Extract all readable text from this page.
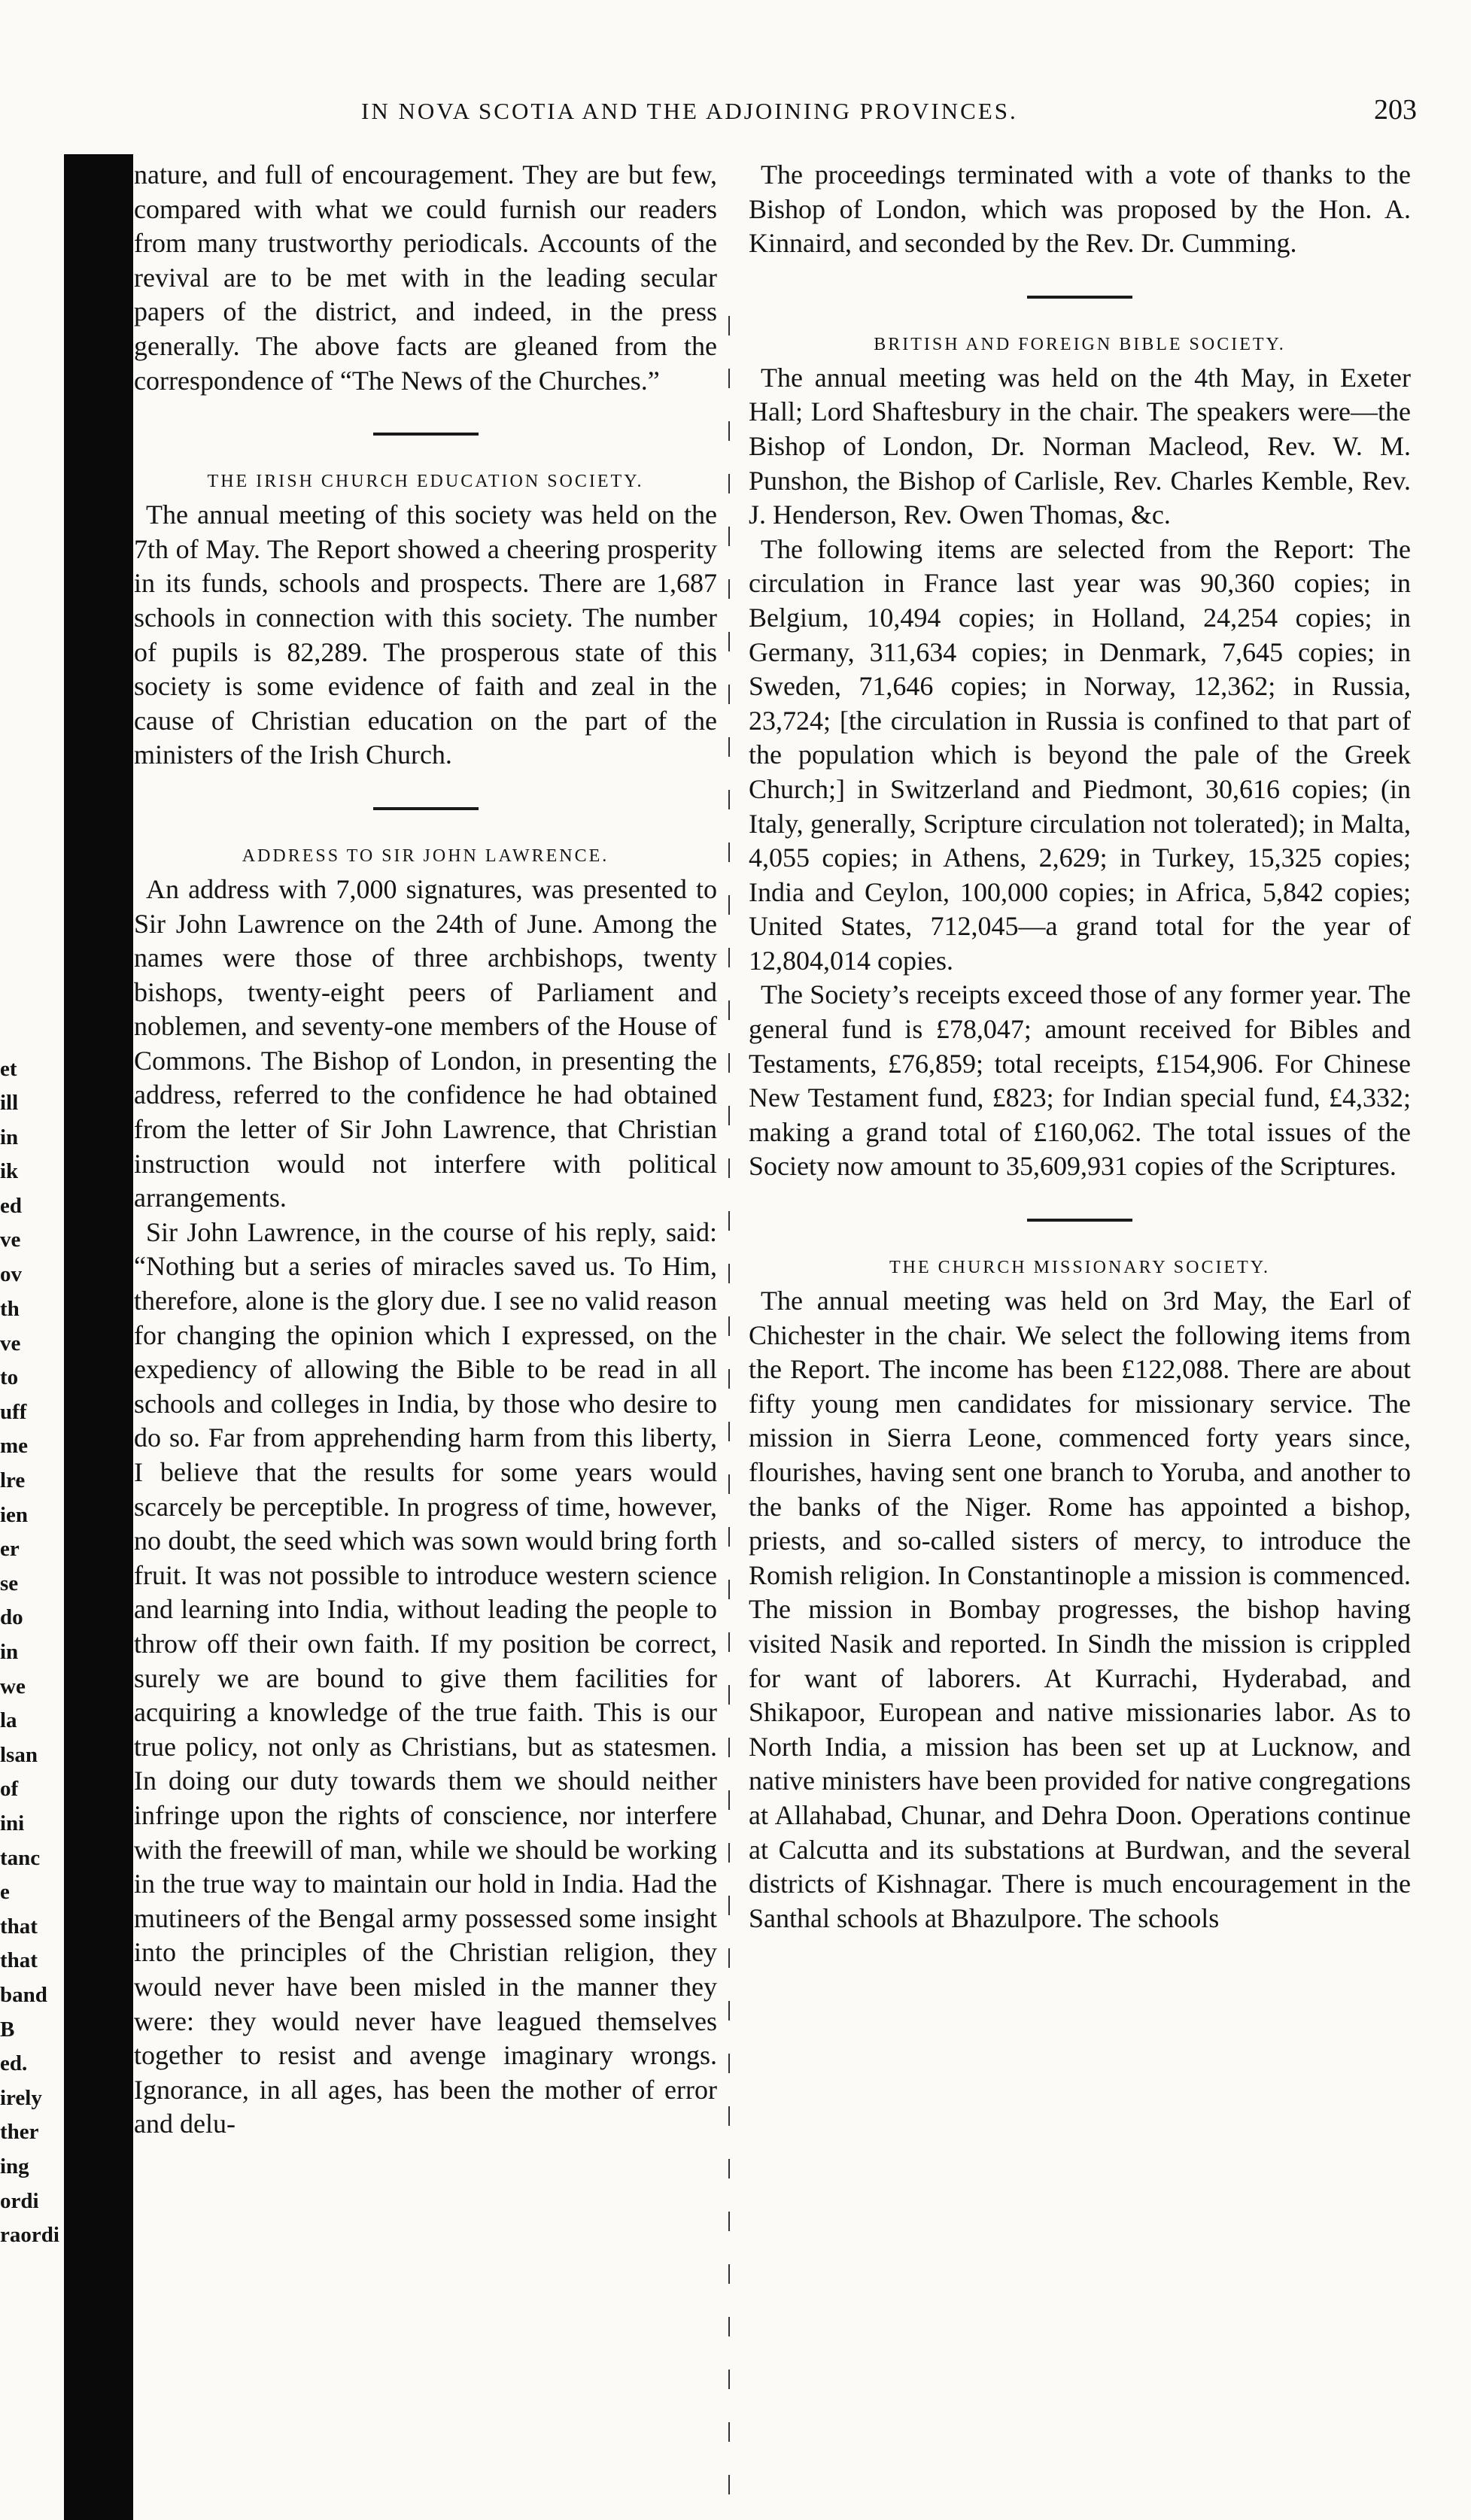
IN NOVA SCOTIA AND THE ADJOINING PROVINCES.	203
et
ill
in
ik
ed
ve
ov
th
ve
to
uff
me
lre
ien
er
se
do
in
we
la
lsan
of
ini
tanc
e
that
that
band
B
ed.
irely
ther
ing
ordi
raordi

nature, and full of encouragement. They are but few, compared with what we could furnish our readers from many trustworthy periodicals. Accounts of the revival are to be met with in the leading secular papers of the district, and indeed, in the press generally. The above facts are gleaned from the correspondence of “The News of the Churches.”

THE IRISH CHURCH EDUCATION SOCIETY.

The annual meeting of this society was held on the 7th of May. The Report showed a cheering prosperity in its funds, schools and prospects. There are 1,687 schools in connection with this society. The number of pupils is 82,289. The prosperous state of this society is some evidence of faith and zeal in the cause of Christian education on the part of the ministers of the Irish Church.

ADDRESS TO SIR JOHN LAWRENCE.

An address with 7,000 signatures, was presented to Sir John Lawrence on the 24th of June. Among the names were those of three archbishops, twenty bishops, twenty-eight peers of Parliament and noblemen, and seventy-one members of the House of Commons. The Bishop of London, in presenting the address, referred to the confidence he had obtained from the letter of Sir John Lawrence, that Christian instruction would not interfere with political arrangements.

Sir John Lawrence, in the course of his reply, said: “Nothing but a series of miracles saved us. To Him, therefore, alone is the glory due. I see no valid reason for changing the opinion which I expressed, on the expediency of allowing the Bible to be read in all schools and colleges in India, by those who desire to do so. Far from apprehending harm from this liberty, I believe that the results for some years would scarcely be perceptible. In progress of time, however, no doubt, the seed which was sown would bring forth fruit. It was not possible to introduce western science and learning into India, without leading the people to throw off their own faith. If my position be correct, surely we are bound to give them facilities for acquiring a knowledge of the true faith. This is our true policy, not only as Christians, but as statesmen. In doing our duty towards them we should neither infringe upon the rights of conscience, nor interfere with the freewill of man, while we should be working in the true way to maintain our hold in India. Had the mutineers of the Bengal army possessed some insight into the principles of the Christian religion, they would never have been misled in the manner they were: they would never have leagued themselves together to resist and avenge imaginary wrongs. Ignorance, in all ages, has been the mother of error and delu-

The proceedings terminated with a vote of thanks to the Bishop of London, which was proposed by the Hon. A. Kinnaird, and seconded by the Rev. Dr. Cumming.

BRITISH AND FOREIGN BIBLE SOCIETY.

The annual meeting was held on the 4th May, in Exeter Hall; Lord Shaftesbury in the chair. The speakers were—the Bishop of London, Dr. Norman Macleod, Rev. W. M. Punshon, the Bishop of Carlisle, Rev. Charles Kemble, Rev. J. Henderson, Rev. Owen Thomas, &c.

The following items are selected from the Report: The circulation in France last year was 90,360 copies; in Belgium, 10,494 copies; in Holland, 24,254 copies; in Germany, 311,634 copies; in Denmark, 7,645 copies; in Sweden, 71,646 copies; in Norway, 12,362; in Russia, 23,724; [the circulation in Russia is confined to that part of the population which is beyond the pale of the Greek Church;] in Switzerland and Piedmont, 30,616 copies; (in Italy, generally, Scripture circulation not tolerated); in Malta, 4,055 copies; in Athens, 2,629; in Turkey, 15,325 copies; India and Ceylon, 100,000 copies; in Africa, 5,842 copies; United States, 712,045—a grand total for the year of 12,804,014 copies.

The Society’s receipts exceed those of any former year. The general fund is £78,047; amount received for Bibles and Testaments, £76,859; total receipts, £154,906. For Chinese New Testament fund, £823; for Indian special fund, £4,332; making a grand total of £160,062. The total issues of the Society now amount to 35,609,931 copies of the Scriptures.

THE CHURCH MISSIONARY SOCIETY.

The annual meeting was held on 3rd May, the Earl of Chichester in the chair. We select the following items from the Report. The income has been £122,088. There are about fifty young men candidates for missionary service. The mission in Sierra Leone, commenced forty years since, flourishes, having sent one branch to Yoruba, and another to the banks of the Niger. Rome has appointed a bishop, priests, and so-called sisters of mercy, to introduce the Romish religion. In Constantinople a mission is commenced. The mission in Bombay progresses, the bishop having visited Nasik and reported. In Sindh the mission is crippled for want of laborers. At Kurrachi, Hyderabad, and Shikapoor, European and native missionaries labor. As to North India, a mission has been set up at Lucknow, and native ministers have been provided for native congregations at Allahabad, Chunar, and Dehra Doon. Operations continue at Calcutta and its substations at Burdwan, and the several districts of Kishnagar. There is much encouragement in the Santhal schools at Bhazulpore. The schools
